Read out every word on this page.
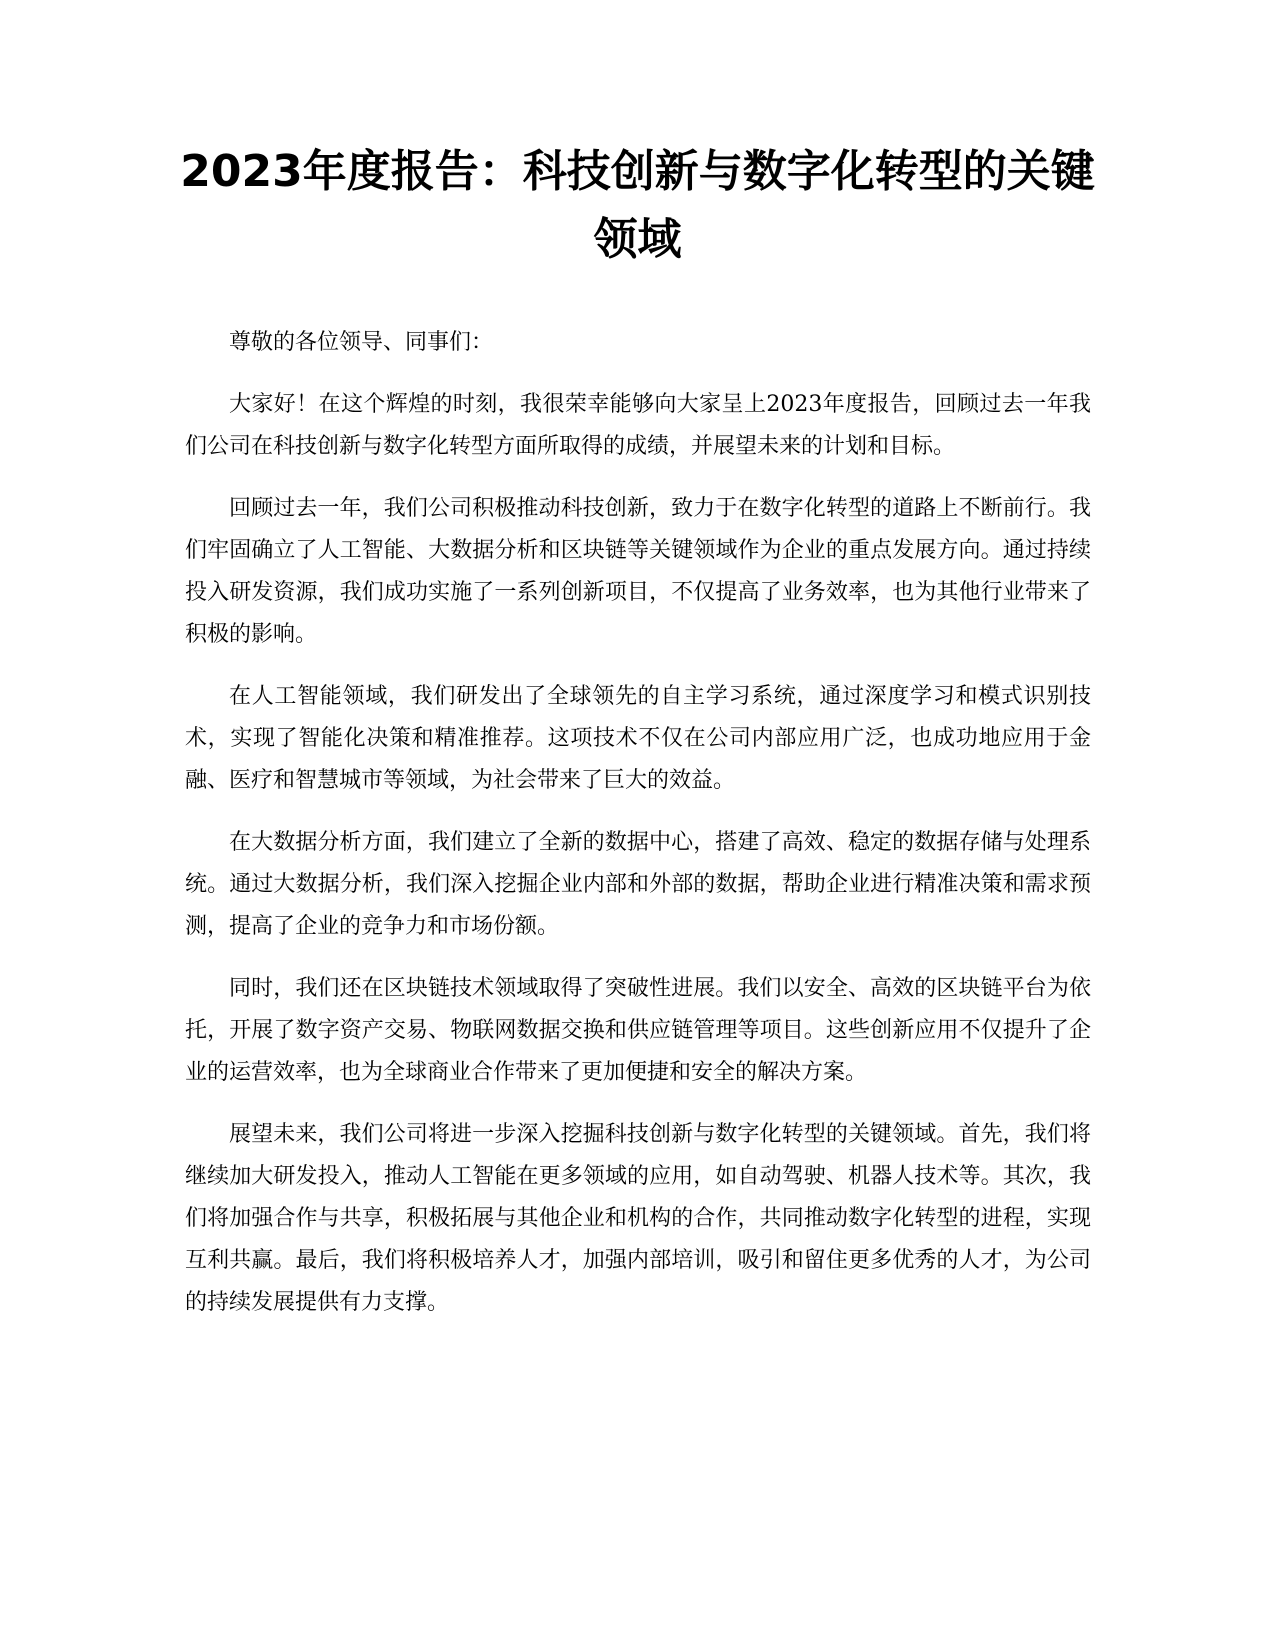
2023年度报告：科技创新与数字化转型的关键领域

尊敬的各位领导、同事们：

大家好！在这个辉煌的时刻，我很荣幸能够向大家呈上2023年度报告，回顾过去一年我们公司在科技创新与数字化转型方面所取得的成绩，并展望未来的计划和目标。

回顾过去一年，我们公司积极推动科技创新，致力于在数字化转型的道路上不断前行。我们牢固确立了人工智能、大数据分析和区块链等关键领域作为企业的重点发展方向。通过持续投入研发资源，我们成功实施了一系列创新项目，不仅提高了业务效率，也为其他行业带来了积极的影响。

在人工智能领域，我们研发出了全球领先的自主学习系统，通过深度学习和模式识别技术，实现了智能化决策和精准推荐。这项技术不仅在公司内部应用广泛，也成功地应用于金融、医疗和智慧城市等领域，为社会带来了巨大的效益。

在大数据分析方面，我们建立了全新的数据中心，搭建了高效、稳定的数据存储与处理系统。通过大数据分析，我们深入挖掘企业内部和外部的数据，帮助企业进行精准决策和需求预测，提高了企业的竞争力和市场份额。

同时，我们还在区块链技术领域取得了突破性进展。我们以安全、高效的区块链平台为依托，开展了数字资产交易、物联网数据交换和供应链管理等项目。这些创新应用不仅提升了企业的运营效率，也为全球商业合作带来了更加便捷和安全的解决方案。

展望未来，我们公司将进一步深入挖掘科技创新与数字化转型的关键领域。首先，我们将继续加大研发投入，推动人工智能在更多领域的应用，如自动驾驶、机器人技术等。其次，我们将加强合作与共享，积极拓展与其他企业和机构的合作，共同推动数字化转型的进程，实现互利共赢。最后，我们将积极培养人才，加强内部培训，吸引和留住更多优秀的人才，为公司的持续发展提供有力支撑。
